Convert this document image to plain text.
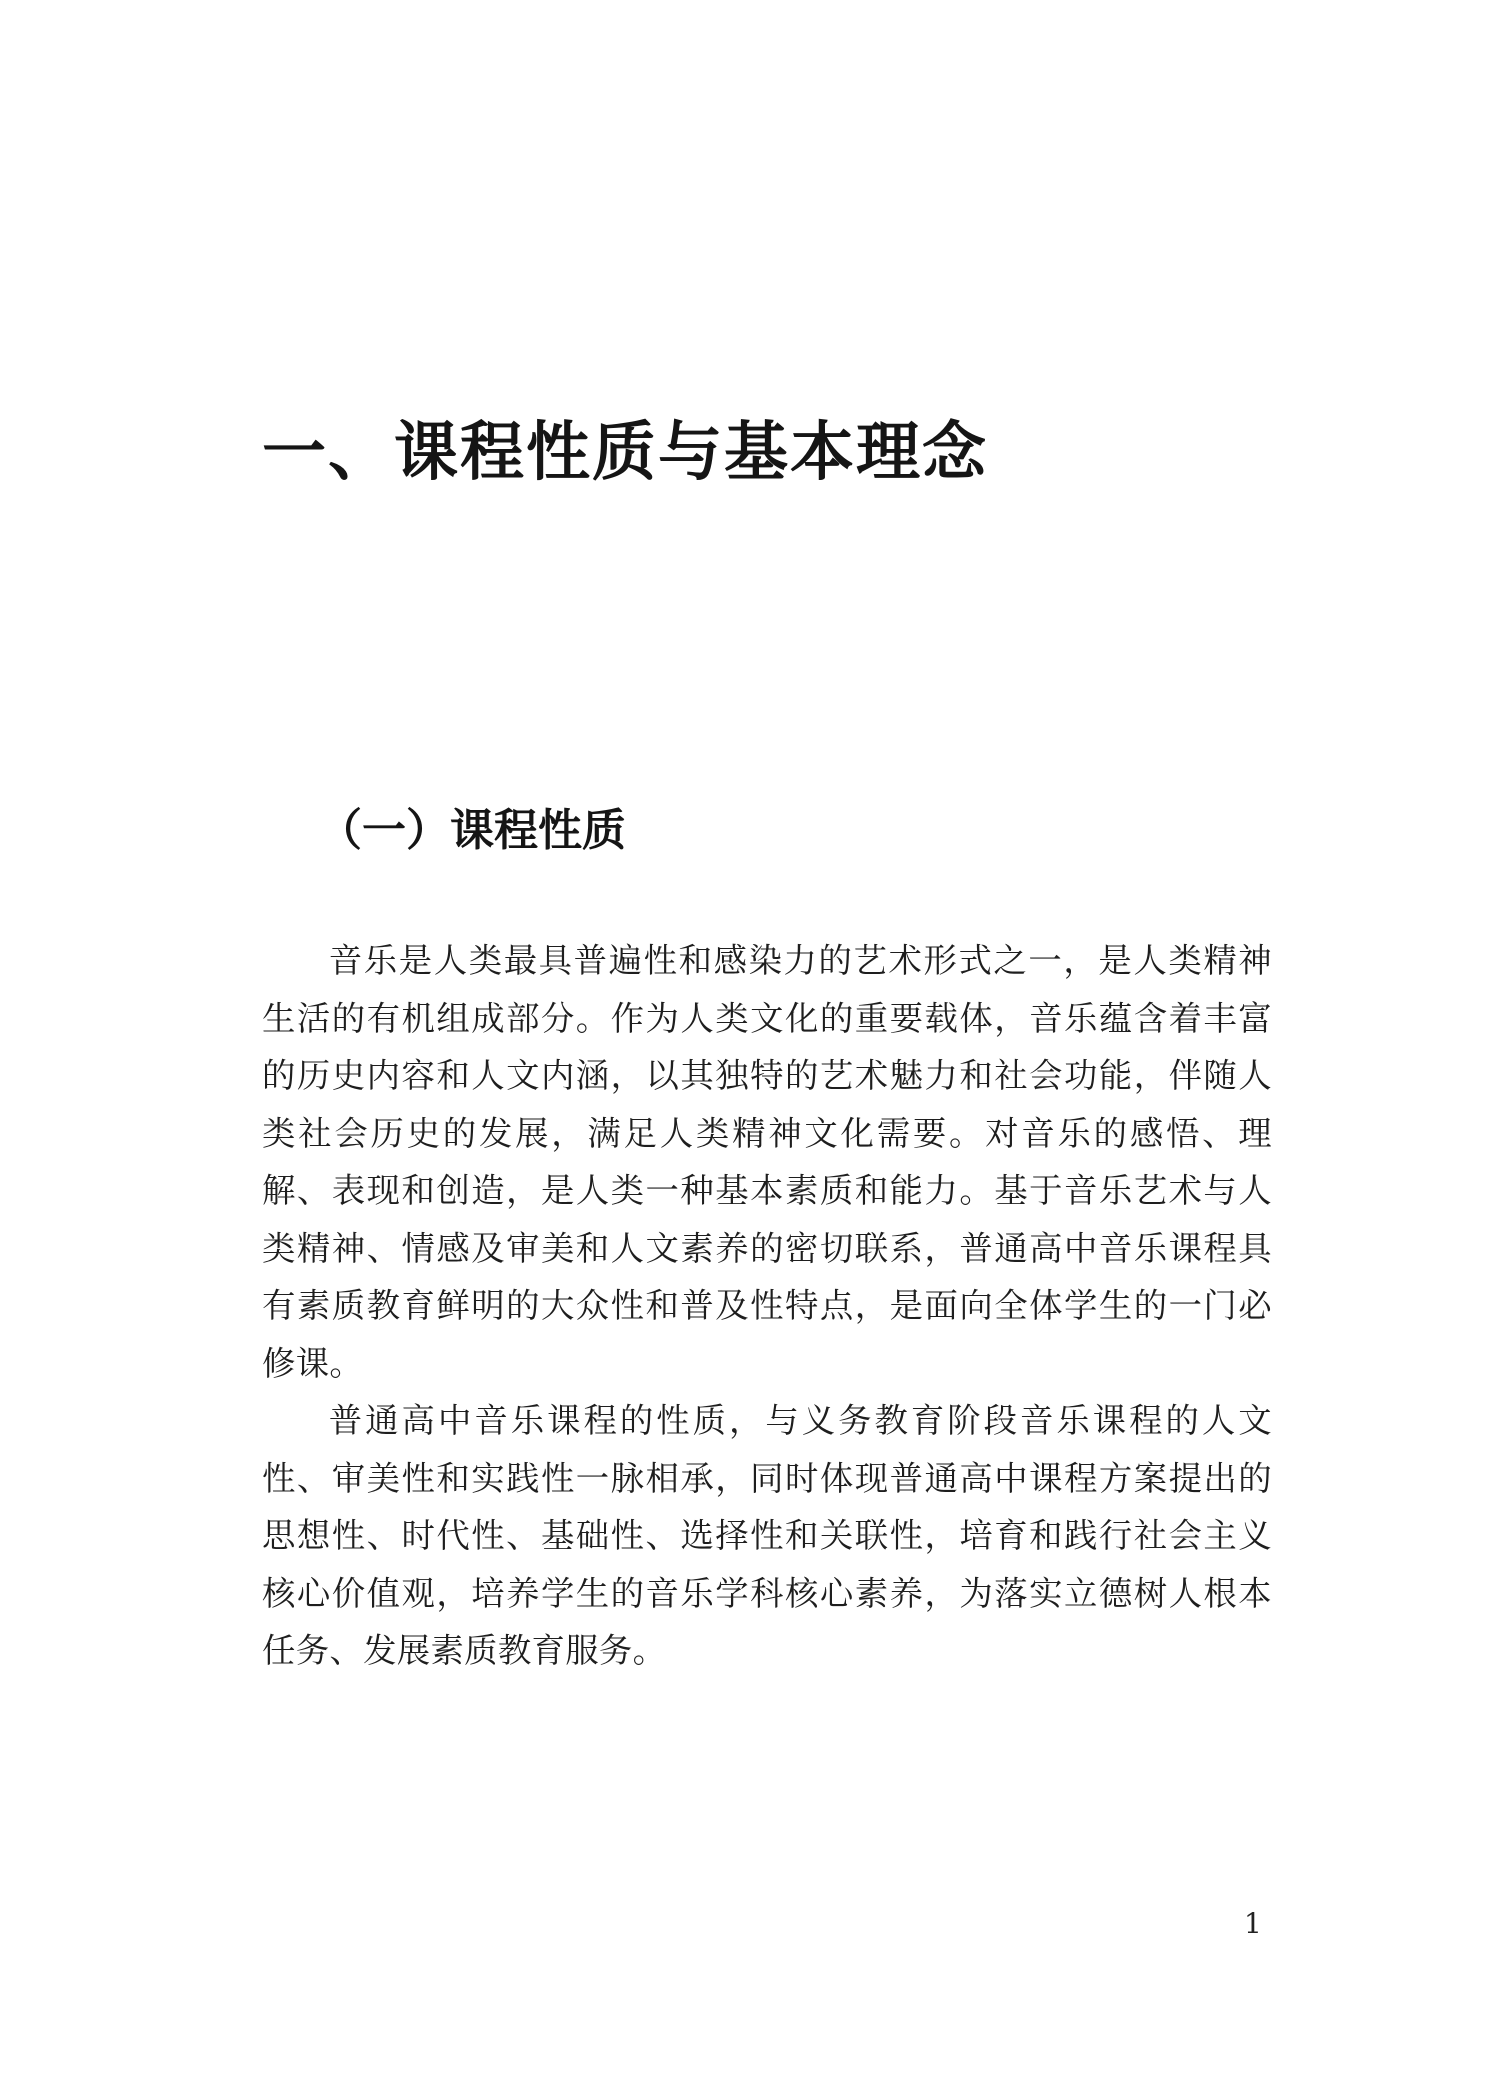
一、课程性质与基本理念
（一）课程性质

音乐是人类最具普遍性和感染力的艺术形式之一，是人类精神生活的有机组成部分。作为人类文化的重要载体，音乐蕴含着丰富的历史内容和人文内涵，以其独特的艺术魅力和社会功能，伴随人类社会历史的发展，满足人类精神文化需要。对音乐的感悟、理解、表现和创造，是人类一种基本素质和能力。基于音乐艺术与人类精神、情感及审美和人文素养的密切联系，普通高中音乐课程具有素质教育鲜明的大众性和普及性特点，是面向全体学生的一门必修课。

普通高中音乐课程的性质，与义务教育阶段音乐课程的人文性、审美性和实践性一脉相承，同时体现普通高中课程方案提出的思想性、时代性、基础性、选择性和关联性，培育和践行社会主义核心价值观，培养学生的音乐学科核心素养，为落实立德树人根本任务、发展素质教育服务。

1
